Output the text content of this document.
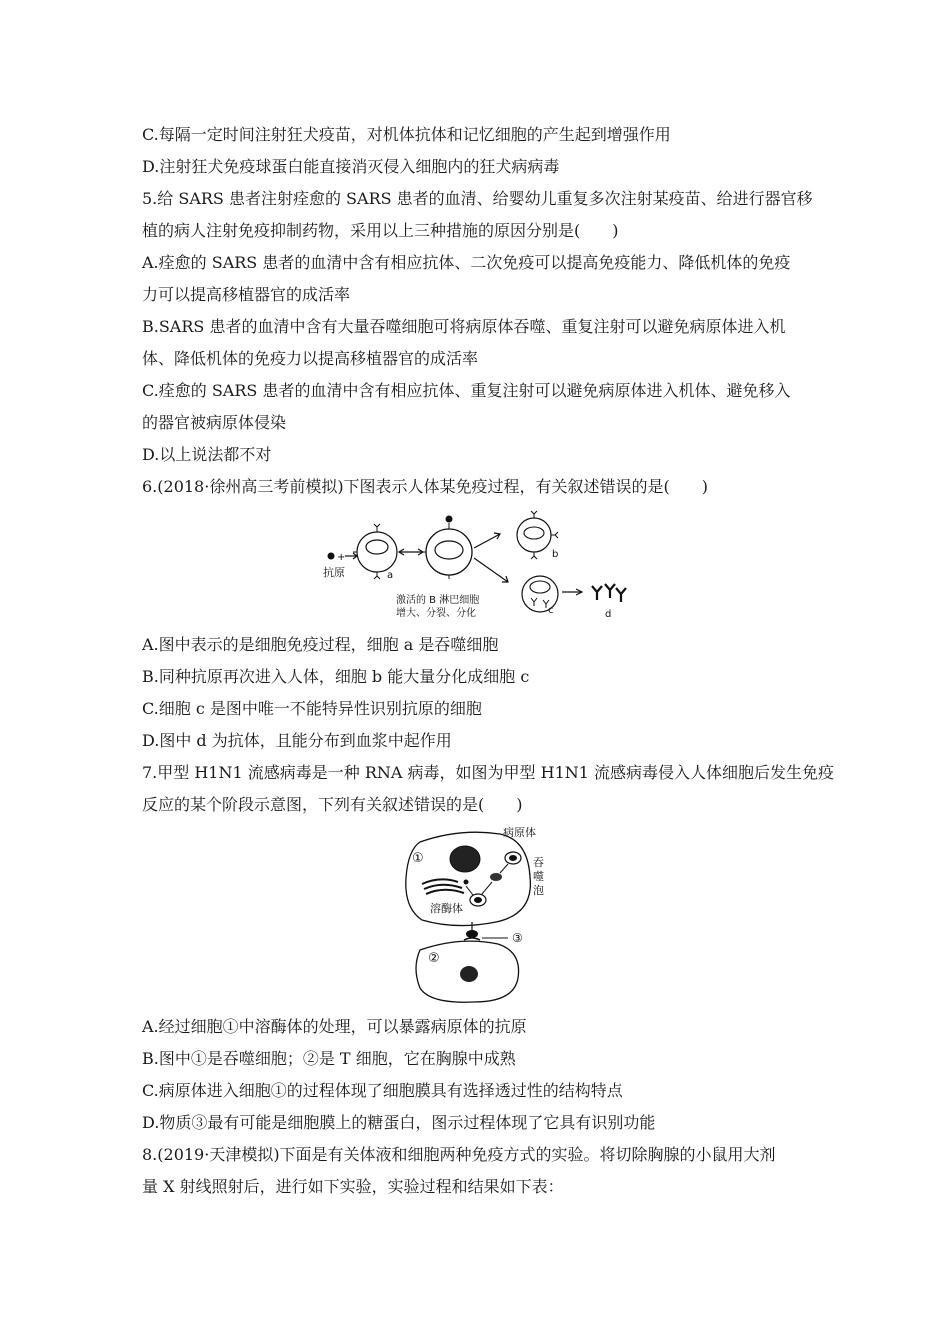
C.每隔一定时间注射狂犬疫苗，对机体抗体和记忆细胞的产生起到增强作用
D.注射狂犬免疫球蛋白能直接消灭侵入细胞内的狂犬病病毒
5.给 SARS 患者注射痊愈的 SARS 患者的血清、给婴幼儿重复多次注射某疫苗、给进行器官移
植的病人注射免疫抑制药物，采用以上三种措施的原因分别是(　　)
A.痊愈的 SARS 患者的血清中含有相应抗体、二次免疫可以提高免疫能力、降低机体的免疫
力可以提高移植器官的成活率
B.SARS 患者的血清中含有大量吞噬细胞可将病原体吞噬、重复注射可以避免病原体进入机
体、降低机体的免疫力以提高移植器官的成活率
C.痊愈的 SARS 患者的血清中含有相应抗体、重复注射可以避免病原体进入机体、避免移入
的器官被病原体侵染
D.以上说法都不对
6.(2018·徐州高三考前模拟)下图表示人体某免疫过程，有关叙述错误的是(　　)
+
抗原	a
激活的 B 淋巴细胞
增大、分裂、分化
b
c	d
A.图中表示的是细胞免疫过程，细胞 a 是吞噬细胞
B.同种抗原再次进入人体，细胞 b 能大量分化成细胞 c
C.细胞 c 是图中唯一不能特异性识别抗原的细胞
D.图中 d 为抗体，且能分布到血浆中起作用
7.甲型 H1N1 流感病毒是一种 RNA 病毒，如图为甲型 H1N1 流感病毒侵入人体细胞后发生免疫
反应的某个阶段示意图，下列有关叙述错误的是(　　)
①
病原体
吞
噬
泡
溶酶体
③
②
A.经过细胞①中溶酶体的处理，可以暴露病原体的抗原
B.图中①是吞噬细胞；②是 T 细胞，它在胸腺中成熟
C.病原体进入细胞①的过程体现了细胞膜具有选择透过性的结构特点
D.物质③最有可能是细胞膜上的糖蛋白，图示过程体现了它具有识别功能
8.(2019·天津模拟)下面是有关体液和细胞两种免疫方式的实验。将切除胸腺的小鼠用大剂
量 X 射线照射后，进行如下实验，实验过程和结果如下表：
